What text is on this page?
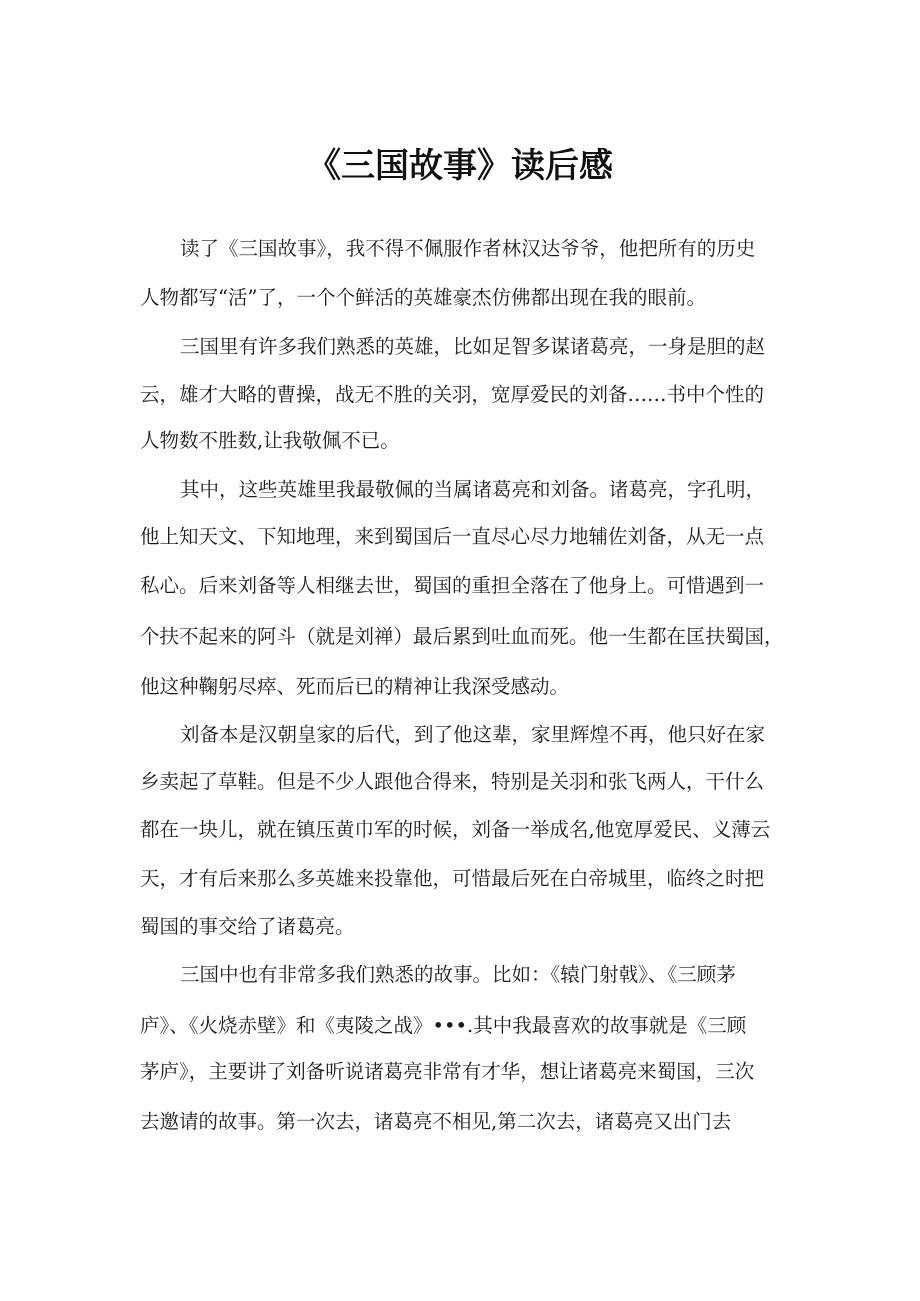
《三国故事》读后感
读了《三国故事》，我不得不佩服作者林汉达爷爷，他把所有的历史
人物都写“活”了，一个个鲜活的英雄豪杰仿佛都出现在我的眼前。
三国里有许多我们熟悉的英雄，比如足智多谋诸葛亮，一身是胆的赵
云，雄才大略的曹操，战无不胜的关羽，宽厚爱民的刘备……书中个性的
人物数不胜数,让我敬佩不已。
其中，这些英雄里我最敬佩的当属诸葛亮和刘备。诸葛亮，字孔明，
他上知天文、下知地理，来到蜀国后一直尽心尽力地辅佐刘备，从无一点
私心。后来刘备等人相继去世，蜀国的重担全落在了他身上。可惜遇到一
个扶不起来的阿斗（就是刘禅）最后累到吐血而死。他一生都在匡扶蜀国，
他这种鞠躬尽瘁、死而后已的精神让我深受感动。
刘备本是汉朝皇家的后代，到了他这辈，家里辉煌不再，他只好在家
乡卖起了草鞋。但是不少人跟他合得来，特别是关羽和张飞两人，干什么
都在一块儿，就在镇压黄巾军的时候，刘备一举成名,他宽厚爱民、义薄云
天，才有后来那么多英雄来投靠他，可惜最后死在白帝城里，临终之时把
蜀国的事交给了诸葛亮。
三国中也有非常多我们熟悉的故事。比如：《辕门射戟》、《三顾茅
庐》、《火烧赤壁》和《夷陵之战》•••.其中我最喜欢的故事就是《三顾
茅庐》，主要讲了刘备听说诸葛亮非常有才华，想让诸葛亮来蜀国，三次
去邀请的故事。第一次去，诸葛亮不相见,第二次去，诸葛亮又出门去
